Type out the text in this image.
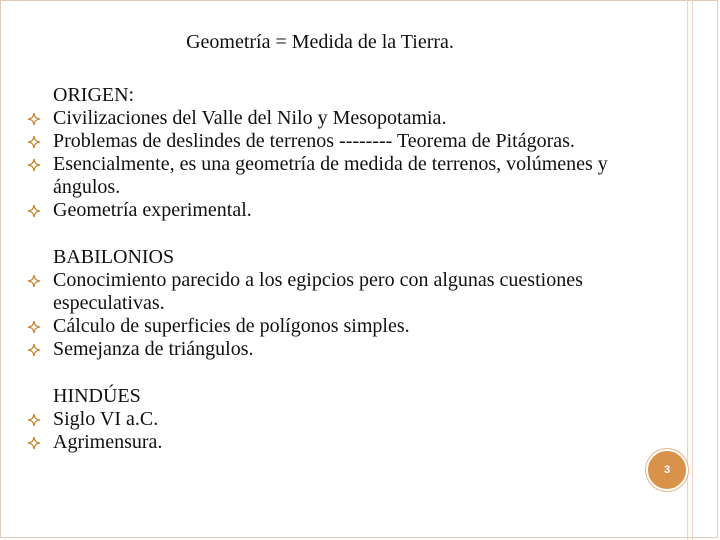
Geometría = Medida de la Tierra.
ORIGEN:
Civilizaciones del Valle del Nilo y Mesopotamia.
Problemas de deslindes de terrenos -------- Teorema de Pitágoras.
Esencialmente, es una geometría de medida de terrenos, volúmenes y ángulos.
Geometría experimental.
BABILONIOS
Conocimiento parecido a los egipcios pero con algunas cuestiones especulativas.
Cálculo de superficies de polígonos simples.
Semejanza de triángulos.
HINDÚES
Siglo VI a.C.
Agrimensura.
3
